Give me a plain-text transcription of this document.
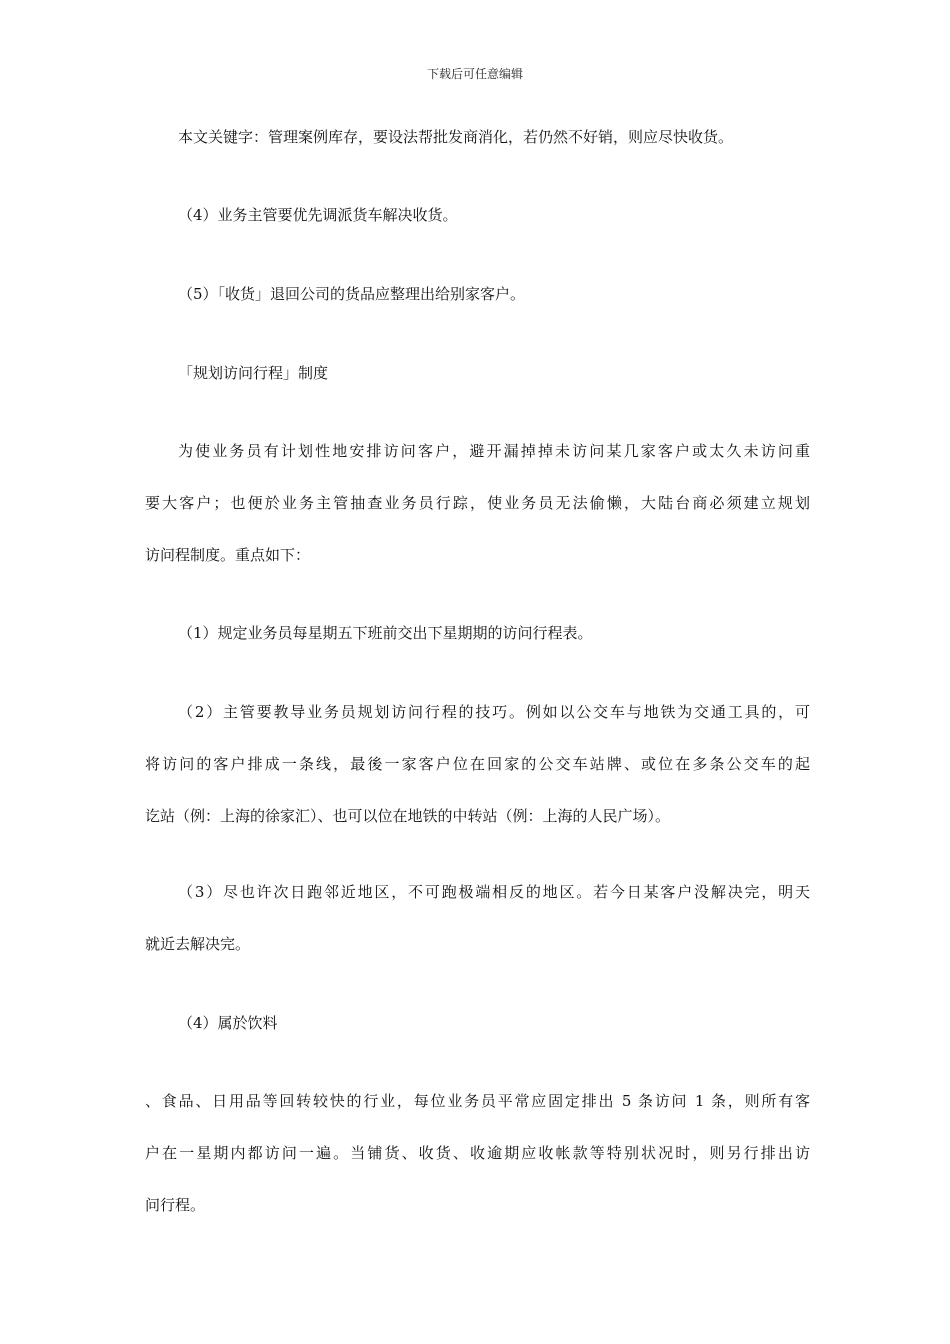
下载后可任意编辑
本文关键字：管理案例库存，要设法帮批发商消化，若仍然不好销，则应尽快收货。
（4）业务主管要优先调派货车解决收货。
（5）「收货」退回公司的货品应整理出给别家客户。
「规划访问行程」制度
为使业务员有计划性地安排访问客户，避开漏掉掉未访问某几家客户或太久未访问重
要大客户；也便於业务主管抽查业务员行踪，使业务员无法偷懒，大陆台商必须建立规划
访问程制度。重点如下：
（1）规定业务员每星期五下班前交出下星期期的访问行程表。
（2）主管要教导业务员规划访问行程的技巧。例如以公交车与地铁为交通工具的，可
将访问的客户排成一条线，最後一家客户位在回家的公交车站牌、或位在多条公交车的起
讫站（例：上海的徐家汇）、也可以位在地铁的中转站（例：上海的人民广场）。
（3）尽也许次日跑邻近地区，不可跑极端相反的地区。若今日某客户没解决完，明天
就近去解决完。
（4）属於饮料
、食品、日用品等回转较快的行业，每位业务员平常应固定排出 5 条访问 1 条，则所有客
户在一星期内都访问一遍。当铺货、收货、收逾期应收帐款等特别状况时，则另行排出访
问行程。
